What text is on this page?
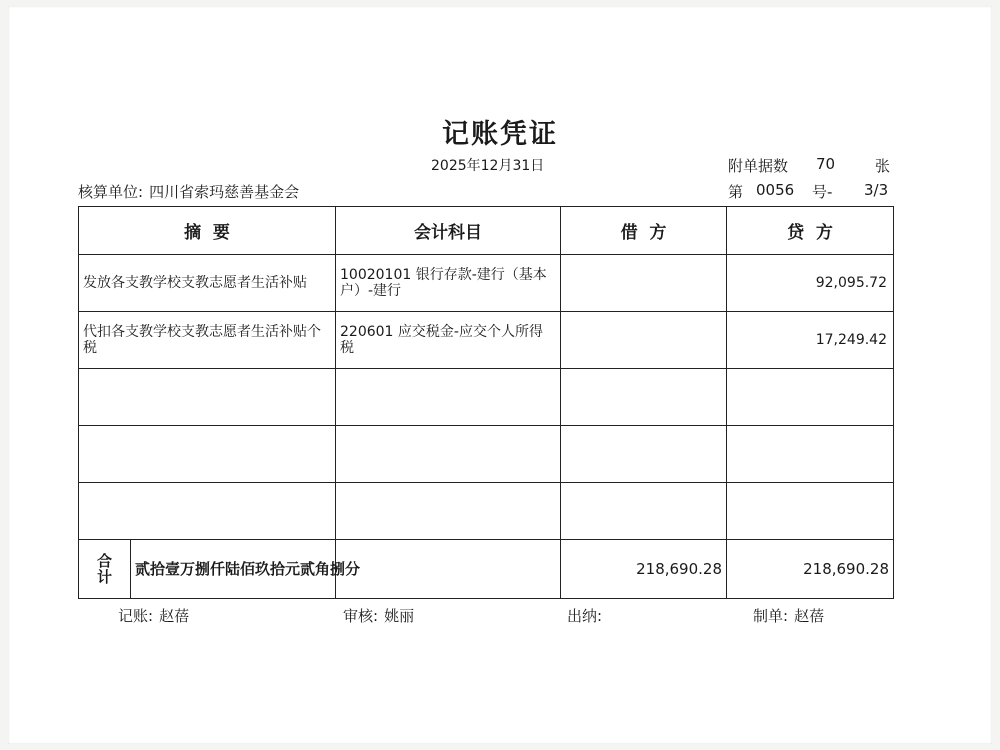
记账凭证
2025年12月31日	附单据数 70	张
核算单位: 四川省索玛慈善基金会	第 0056 号- 3/3
摘  要	会计科目	借  方	贷  方
发放各支教学校支教志愿者生活补贴	10020101 银行存款-建行（基本户）-建行		92,095.72
代扣各支教学校支教志愿者生活补贴个税	220601 应交税金-应交个人所得税		17,249.42

合计 贰拾壹万捌仟陆佰玖拾元贰角捌分		218,690.28	218,690.28
记账: 赵蓓	审核: 姚丽	出纳:	制单: 赵蓓
